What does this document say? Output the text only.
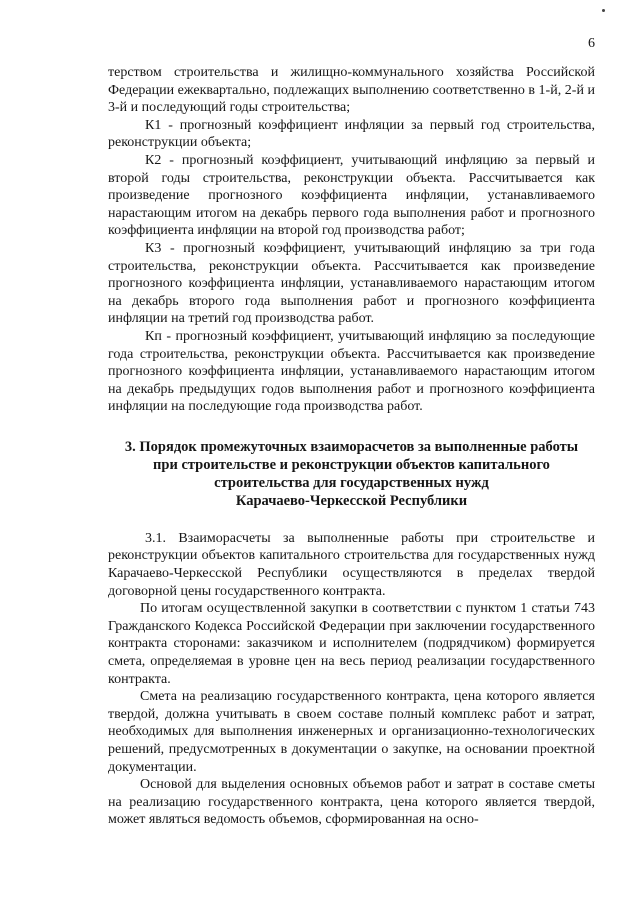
6

терством строительства и жилищно-коммунального хозяйства Российской Федерации ежеквартально, подлежащих выполнению соответственно в 1-й, 2-й и 3-й и последующий годы строительства;

К1 - прогнозный коэффициент инфляции за первый год строительства, реконструкции объекта;

К2 - прогнозный коэффициент, учитывающий инфляцию за первый и второй годы строительства, реконструкции объекта. Рассчитывается как произведение прогнозного коэффициента инфляции, устанавливаемого нарастающим итогом на декабрь первого года выполнения работ и прогнозного коэффициента инфляции на второй год производства работ;

К3 - прогнозный коэффициент, учитывающий инфляцию за три года строительства, реконструкции объекта. Рассчитывается как произведение прогнозного коэффициента инфляции, устанавливаемого нарастающим итогом на декабрь второго года выполнения работ и прогнозного коэффициента инфляции на третий год производства работ.

Кп - прогнозный коэффициент, учитывающий инфляцию за последующие года строительства, реконструкции объекта. Рассчитывается как произведение прогнозного коэффициента инфляции, устанавливаемого нарастающим итогом на декабрь предыдущих годов выполнения работ и прогнозного коэффициента инфляции на последующие года производства работ.

3. Порядок промежуточных взаиморасчетов за выполненные работы
при строительстве и реконструкции объектов капитального
строительства для государственных нужд
Карачаево-Черкесской Республики

3.1. Взаиморасчеты за выполненные работы при строительстве и реконструкции объектов капитального строительства для государственных нужд Карачаево-Черкесской Республики осуществляются в пределах твердой договорной цены государственного контракта.

По итогам осуществленной закупки в соответствии с пунктом 1 статьи 743 Гражданского Кодекса Российской Федерации при заключении государственного контракта сторонами: заказчиком и исполнителем (подрядчиком) формируется смета, определяемая в уровне цен на весь период реализации государственного контракта.

Смета на реализацию государственного контракта, цена которого является твердой, должна учитывать в своем составе полный комплекс работ и затрат, необходимых для выполнения инженерных и организационно-технологических решений, предусмотренных в документации о закупке, на основании проектной документации.

Основой для выделения основных объемов работ и затрат в составе сметы на реализацию государственного контракта, цена которого является твердой, может являться ведомость объемов, сформированная на осно-
